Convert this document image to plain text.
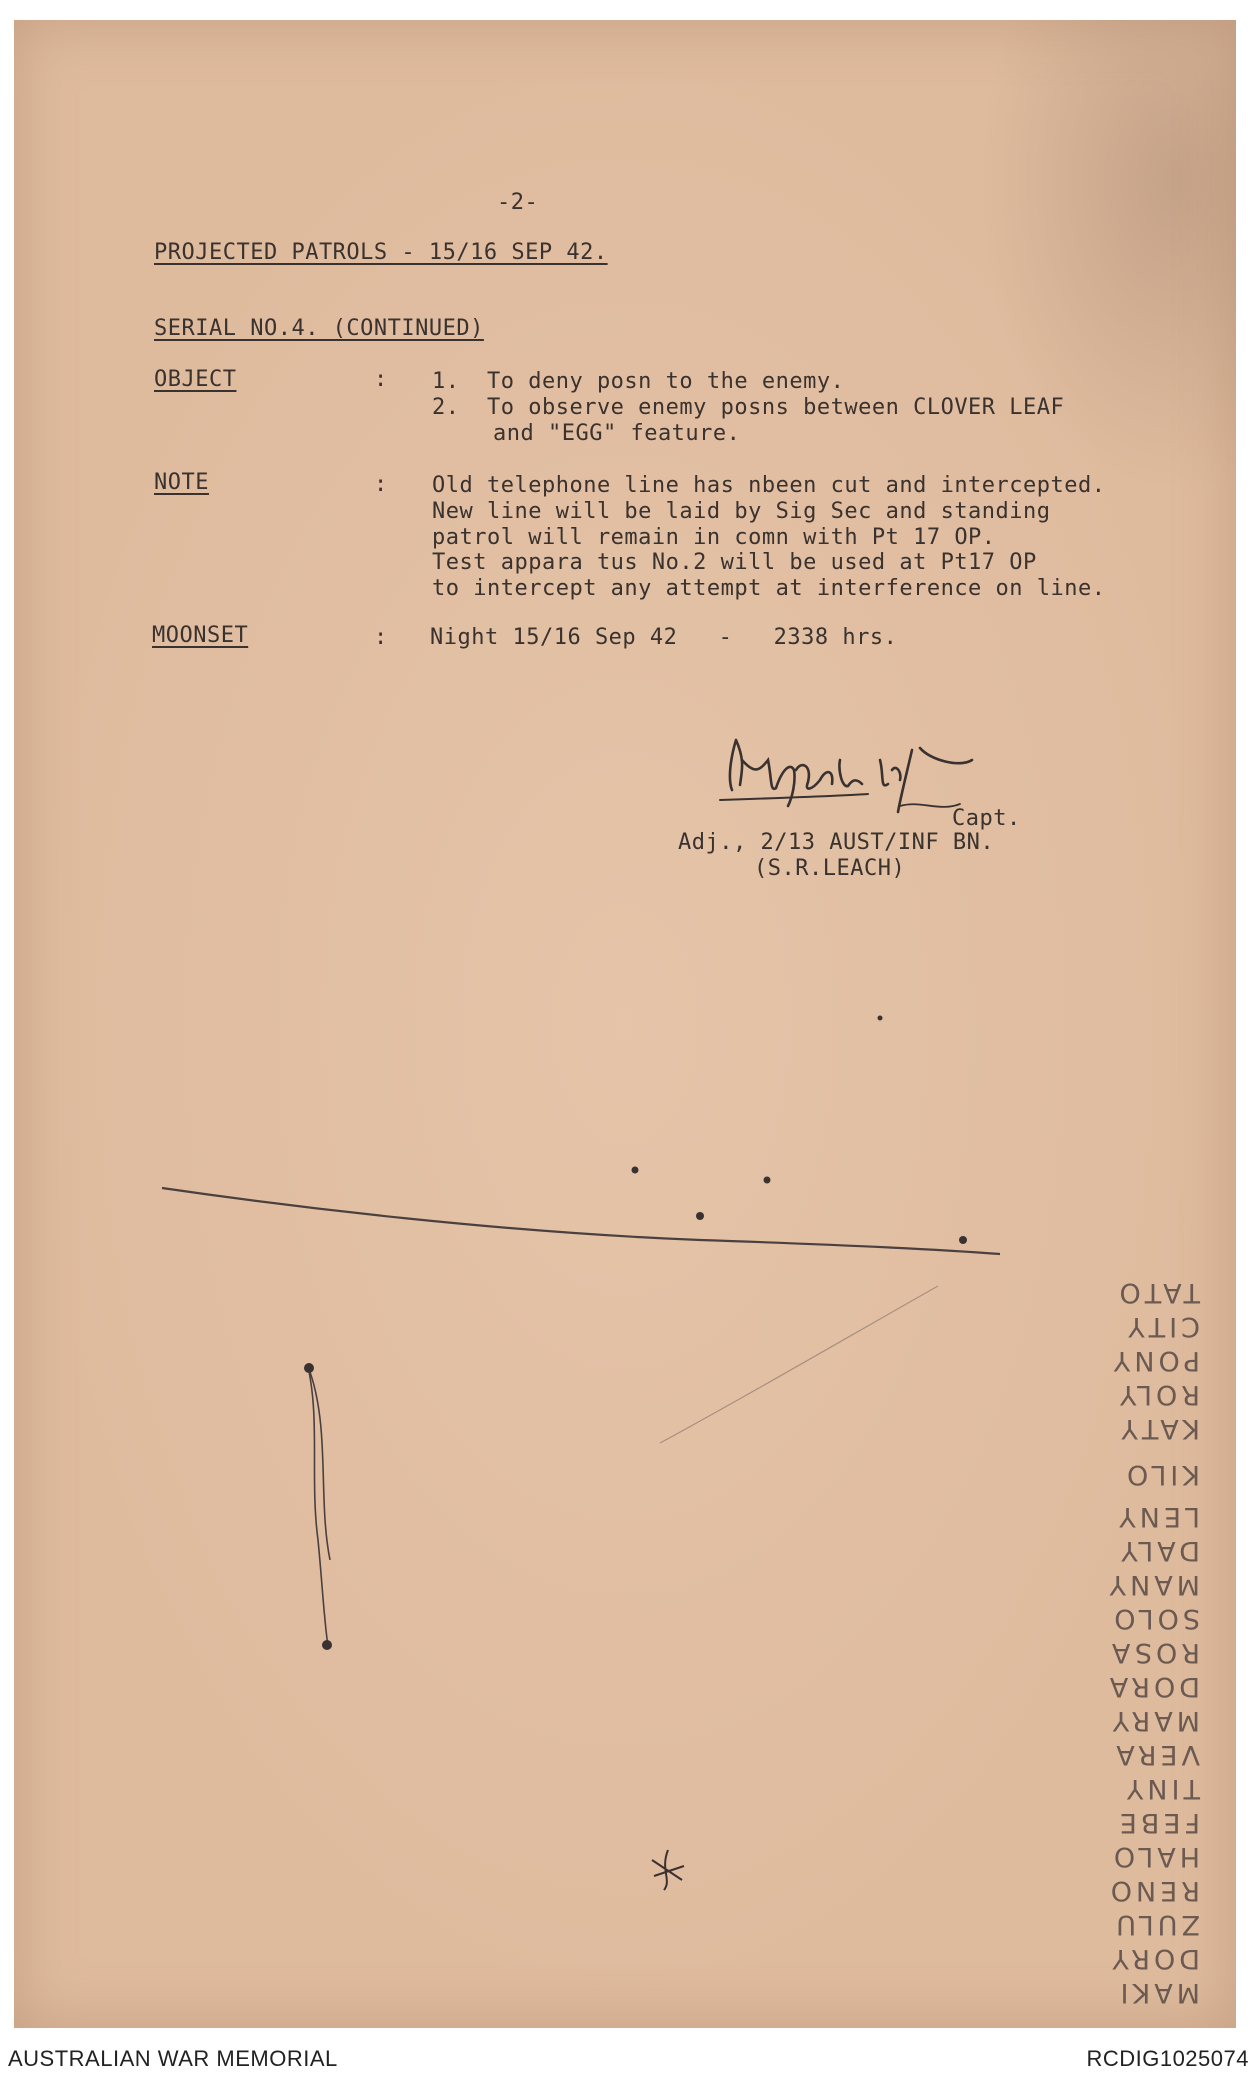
-2-
PROJECTED PATROLS - 15/16 SEP 42.
SERIAL NO.4. (CONTINUED)
OBJECT	: 1.  To deny posn to the enemy.
2.  To observe enemy posns between CLOVER LEAF
and "EGG" feature.
NOTE	: Old telephone line has nbeen cut and intercepted.
New line will be laid by Sig Sec and standing
patrol will remain in comn with Pt 17 OP.
Test appara tus No.2 will be used at Pt17 OP
to intercept any attempt at interference on line.
MOONSET	: Night 15/16 Sep 42   -   2338 hrs.
Capt.
Adj., 2/13 AUST/INF BN.
(S.R.LEACH)
TATO
CITY
PONY
ROLY
KATY
KILO
LENY
DALY
MANY
SOLO
ROSA
DORA
MARY
VERA
TINY
FEBE
HALO
RENO
ZULU
DORY
MAKI
AUSTRALIAN WAR MEMORIAL	RCDIG1025074
